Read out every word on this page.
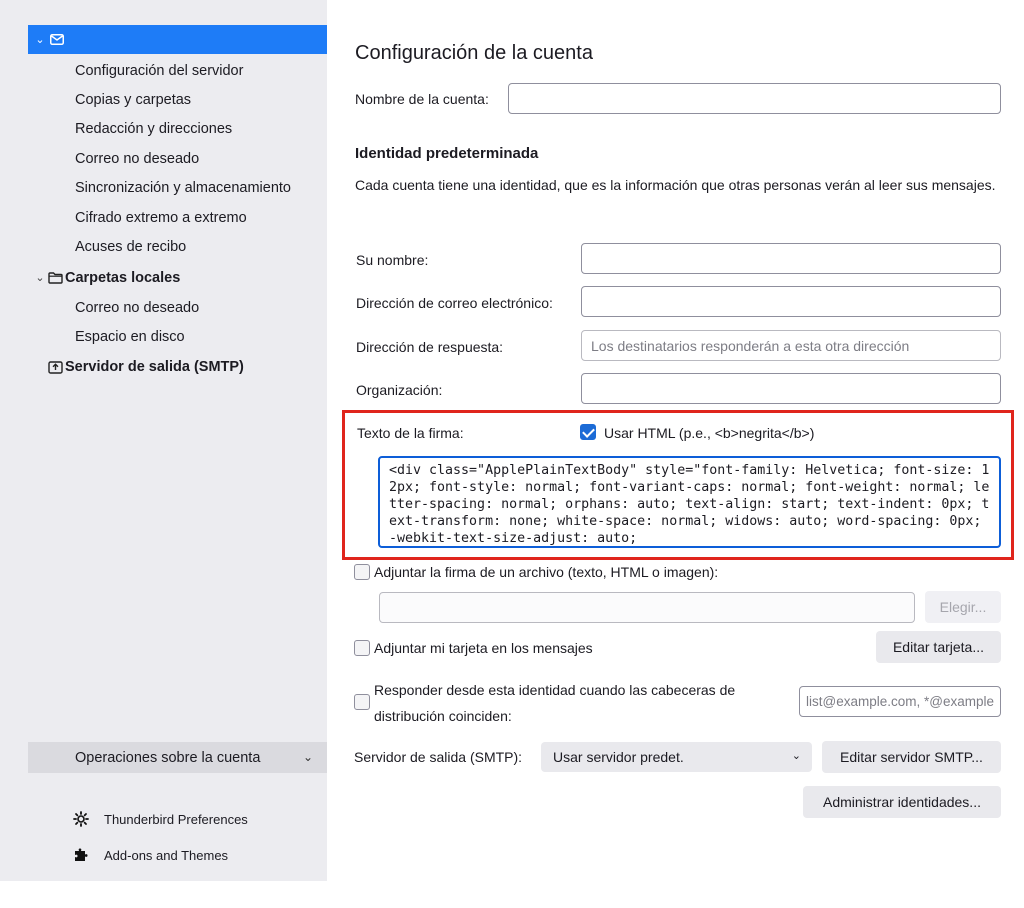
⌄
Configuración del servidor
Copias y carpetas
Redacción y direcciones
Correo no deseado
Sincronización y almacenamiento
Cifrado extremo a extremo
Acuses de recibo
⌄ Carpetas locales
Correo no deseado
Espacio en disco
Servidor de salida (SMTP)
Operaciones sobre la cuenta	⌄
Thunderbird Preferences
Add-ons and Themes
Configuración de la cuenta
Nombre de la cuenta:
Identidad predeterminada
Cada cuenta tiene una identidad, que es la información que otras personas verán al leer sus mensajes.
Su nombre:
Dirección de correo electrónico:
Dirección de respuesta:
Los destinatarios responderán a esta otra dirección
Organización:
Texto de la firma:	Usar HTML (p.e., <b>negrita</b>)
<div class="ApplePlainTextBody" style="font-family: Helvetica; font-size: 12px; font-style: normal; font-variant-caps: normal; font-weight: normal; letter-spacing: normal; orphans: auto; text-align: start; text-indent: 0px; text-transform: none; white-space: normal; widows: auto; word-spacing: 0px; -webkit-text-size-adjust: auto;
Adjuntar la firma de un archivo (texto, HTML o imagen):
Elegir...
Adjuntar mi tarjeta en los mensajes	Editar tarjeta...
Responder desde esta identidad cuando las cabeceras de
distribución coinciden:
list@example.com, *@example.com
Servidor de salida (SMTP): Usar servidor predet.	⌄	Editar servidor SMTP...
Administrar identidades...
